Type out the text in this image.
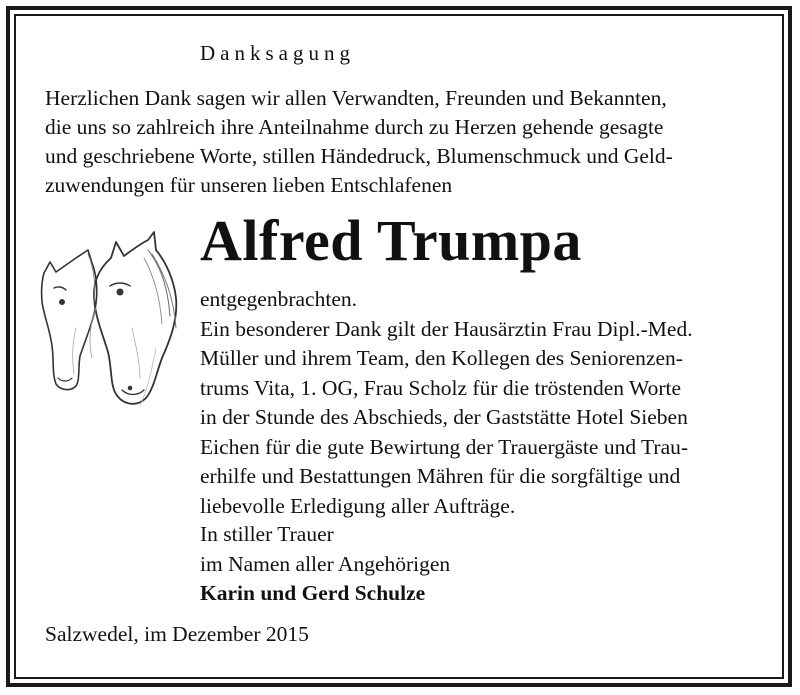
Danksagung

Herzlichen Dank sagen wir allen Verwandten, Freunden und Bekannten,
die uns so zahlreich ihre Anteilnahme durch zu Herzen gehende gesagte
und geschriebene Worte, stillen Händedruck, Blumenschmuck und Geld-
zuwendungen für unseren lieben Entschlafenen

Alfred Trumpa

entgegenbrachten.
Ein besonderer Dank gilt der Hausärztin Frau Dipl.-Med.
Müller und ihrem Team, den Kollegen des Seniorenzen-
trums Vita, 1. OG, Frau Scholz für die tröstenden Worte
in der Stunde des Abschieds, der Gaststätte Hotel Sieben
Eichen für die gute Bewirtung der Trauergäste und Trau-
erhilfe und Bestattungen Mähren für die sorgfältige und
liebevolle Erledigung aller Aufträge.

In stiller Trauer
im Namen aller Angehörigen
Karin und Gerd Schulze

Salzwedel, im Dezember 2015
